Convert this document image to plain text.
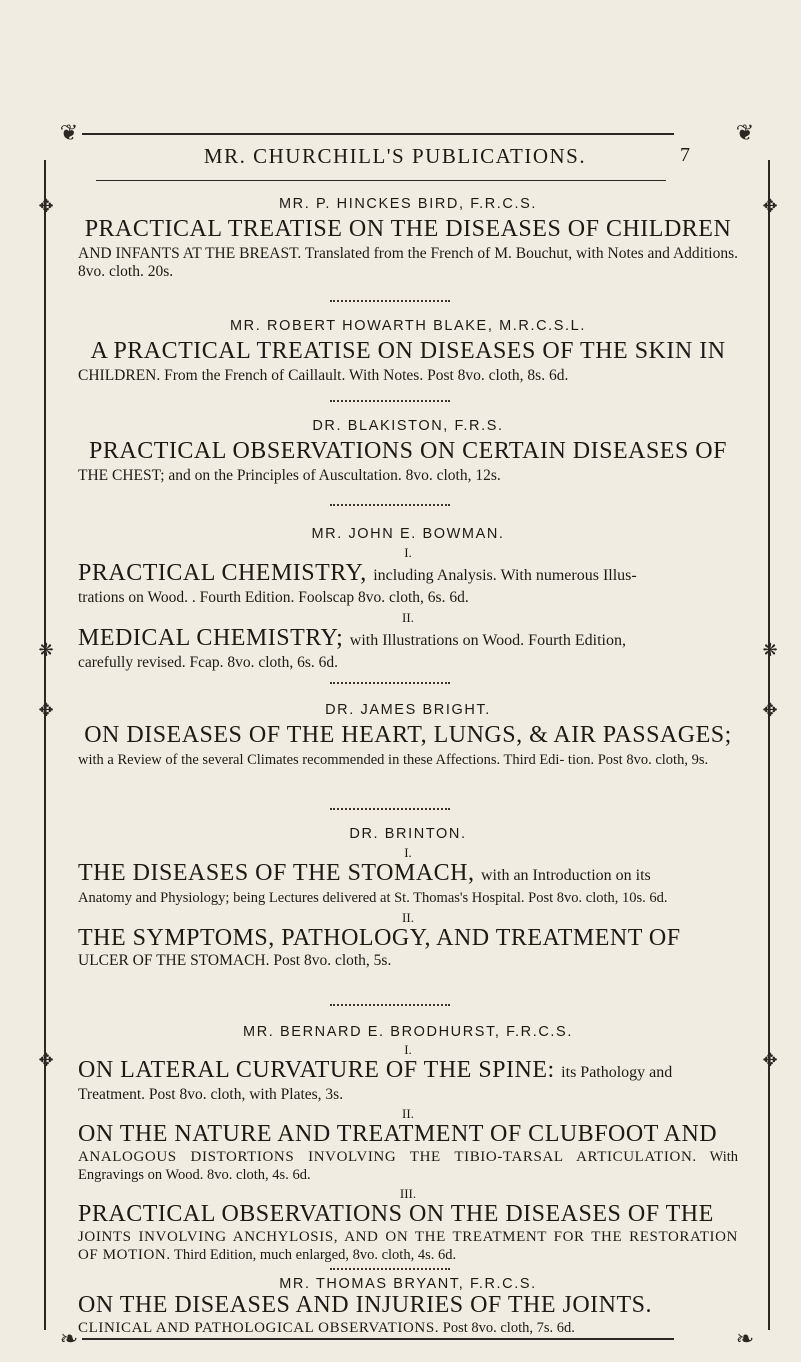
❦	❦
❧	❧
✥	✥
❋	❋
✥	✥
✥	✥
MR. CHURCHILL'S PUBLICATIONS.	7
MR. P. HINCKES BIRD, F.R.C.S.
PRACTICAL TREATISE ON THE DISEASES OF CHILDREN
AND INFANTS AT THE BREAST. Translated from the French of M. Bouchut, with Notes and Additions. 8vo. cloth. 20s.
MR. ROBERT HOWARTH BLAKE, M.R.C.S.L.
A PRACTICAL TREATISE ON DISEASES OF THE SKIN IN
CHILDREN. From the French of Caillault. With Notes. Post 8vo. cloth, 8s. 6d.
DR. BLAKISTON, F.R.S.
PRACTICAL OBSERVATIONS ON CERTAIN DISEASES OF
THE CHEST; and on the Principles of Auscultation. 8vo. cloth, 12s.
MR. JOHN E. BOWMAN.
I.
PRACTICAL CHEMISTRY, including Analysis. With numerous Illus-
trations on Wood. . Fourth Edition. Foolscap 8vo. cloth, 6s. 6d.
II.
MEDICAL CHEMISTRY; with Illustrations on Wood. Fourth Edition,
carefully revised. Fcap. 8vo. cloth, 6s. 6d.
DR. JAMES BRIGHT.
ON DISEASES OF THE HEART, LUNGS, & AIR PASSAGES;
with a Review of the several Climates recommended in these Affections. Third Edi- tion. Post 8vo. cloth, 9s.
DR. BRINTON.
I.
THE DISEASES OF THE STOMACH, with an Introduction on its
Anatomy and Physiology; being Lectures delivered at St. Thomas's Hospital. Post 8vo. cloth, 10s. 6d.
II.
THE SYMPTOMS, PATHOLOGY, AND TREATMENT OF
ULCER OF THE STOMACH. Post 8vo. cloth, 5s.
MR. BERNARD E. BRODHURST, F.R.C.S.
I.
ON LATERAL CURVATURE OF THE SPINE: its Pathology and
Treatment. Post 8vo. cloth, with Plates, 3s.
II.
ON THE NATURE AND TREATMENT OF CLUBFOOT AND
ANALOGOUS DISTORTIONS INVOLVING THE TIBIO-TARSAL ARTICULATION. With Engravings on Wood. 8vo. cloth, 4s. 6d.
III.
PRACTICAL OBSERVATIONS ON THE DISEASES OF THE
JOINTS INVOLVING ANCHYLOSIS, AND ON THE TREATMENT FOR THE RESTORATION OF MOTION. Third Edition, much enlarged, 8vo. cloth, 4s. 6d.
MR. THOMAS BRYANT, F.R.C.S.
ON THE DISEASES AND INJURIES OF THE JOINTS.
CLINICAL AND PATHOLOGICAL OBSERVATIONS. Post 8vo. cloth, 7s. 6d.
